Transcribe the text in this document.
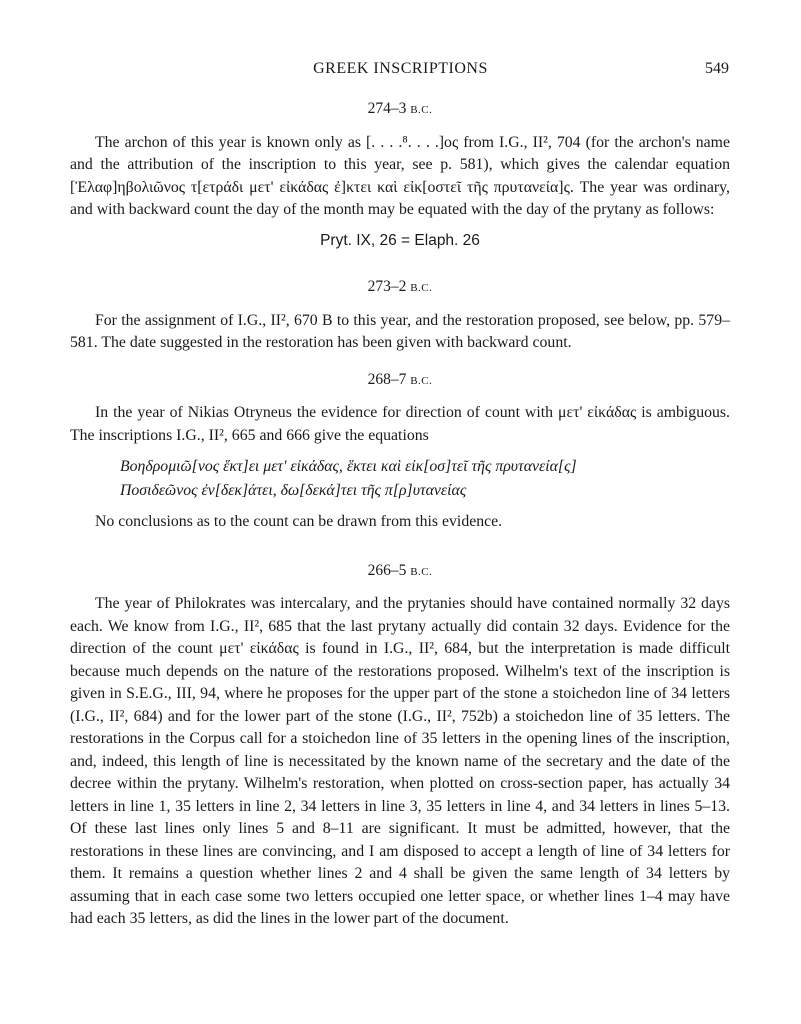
GREEK INSCRIPTIONS	549
274–3 B.C.

The archon of this year is known only as [. . . .⁸. . . .]ος from I.G., II², 704 (for the archon's name and the attribution of the inscription to this year, see p. 581), which gives the calendar equation [Ἐλαφ]ηβολιῶνος τ[ετράδι μετ' εἰκάδας ἐ]κτει καὶ εἰκ[οστεῖ τῆς πρυτανεία]ς. The year was ordinary, and with backward count the day of the month may be equated with the day of the prytany as follows:

Pryt. IX, 26 = Elaph. 26
273–2 B.C.

For the assignment of I.G., II², 670 B to this year, and the restoration proposed, see below, pp. 579–581. The date suggested in the restoration has been given with backward count.

268–7 B.C.

In the year of Nikias Otryneus the evidence for direction of count with μετ' εἰκάδας is ambiguous. The inscriptions I.G., II², 665 and 666 give the equations

Βοηδρομιῶ[νος ἕκτ]ει μετ' εἰκάδας, ἕκτει καὶ εἰκ[οσ]τεῖ τῆς πρυτανεία[ς]
Ποσιδεῶνος ἐν[δεκ]άτει, δω[δεκά]τει τῆς π[ρ]υτανείας

No conclusions as to the count can be drawn from this evidence.

266–5 B.C.

The year of Philokrates was intercalary, and the prytanies should have contained normally 32 days each. We know from I.G., II², 685 that the last prytany actually did contain 32 days. Evidence for the direction of the count μετ' εἰκάδας is found in I.G., II², 684, but the interpretation is made difficult because much depends on the nature of the restorations proposed. Wilhelm's text of the inscription is given in S.E.G., III, 94, where he proposes for the upper part of the stone a stoichedon line of 34 letters (I.G., II², 684) and for the lower part of the stone (I.G., II², 752b) a stoichedon line of 35 letters. The restorations in the Corpus call for a stoichedon line of 35 letters in the opening lines of the inscription, and, indeed, this length of line is necessitated by the known name of the secretary and the date of the decree within the prytany. Wilhelm's restoration, when plotted on cross-section paper, has actually 34 letters in line 1, 35 letters in line 2, 34 letters in line 3, 35 letters in line 4, and 34 letters in lines 5–13. Of these last lines only lines 5 and 8–11 are significant. It must be admitted, however, that the restorations in these lines are convincing, and I am disposed to accept a length of line of 34 letters for them. It remains a question whether lines 2 and 4 shall be given the same length of 34 letters by assuming that in each case some two letters occupied one letter space, or whether lines 1–4 may have had each 35 letters, as did the lines in the lower part of the document.
